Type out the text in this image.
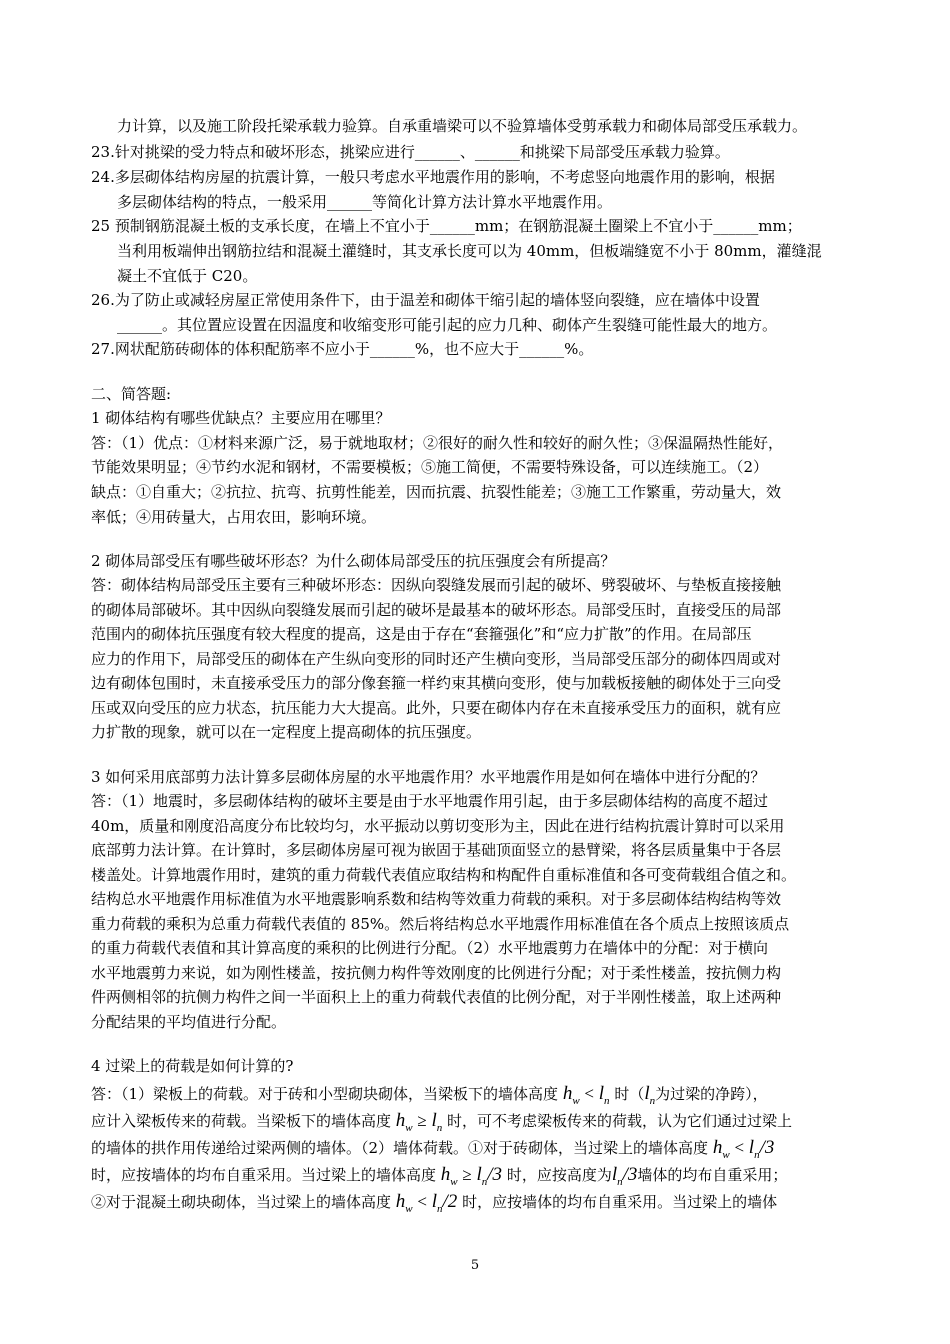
力计算，以及施工阶段托梁承载力验算。自承重墙梁可以不验算墙体受剪承载力和砌体局部受压承载力。
23.针对挑梁的受力特点和破坏形态，挑梁应进行______、______和挑梁下局部受压承载力验算。
24.多层砌体结构房屋的抗震计算，一般只考虑水平地震作用的影响，不考虑竖向地震作用的影响，根据
多层砌体结构的特点，一般采用______等简化计算方法计算水平地震作用。
25 预制钢筋混凝土板的支承长度，在墙上不宜小于______mm；在钢筋混凝土圈梁上不宜小于______mm；
当利用板端伸出钢筋拉结和混凝土灌缝时，其支承长度可以为 40mm，但板端缝宽不小于 80mm，灌缝混
凝土不宜低于 C20。
26.为了防止或减轻房屋正常使用条件下，由于温差和砌体干缩引起的墙体竖向裂缝，应在墙体中设置
______。其位置应设置在因温度和收缩变形可能引起的应力几种、砌体产生裂缝可能性最大的地方。
27.网状配筋砖砌体的体积配筋率不应小于______%，也不应大于______%。
二、简答题:
1 砌体结构有哪些优缺点？主要应用在哪里？
答：（1）优点：①材料来源广泛，易于就地取材；②很好的耐久性和较好的耐久性；③保温隔热性能好，
节能效果明显；④节约水泥和钢材，不需要模板；⑤施工简便，不需要特殊设备，可以连续施工。（2）
缺点：①自重大；②抗拉、抗弯、抗剪性能差，因而抗震、抗裂性能差；③施工工作繁重，劳动量大，效
率低；④用砖量大，占用农田，影响环境。
2 砌体局部受压有哪些破坏形态？为什么砌体局部受压的抗压强度会有所提高？
答：砌体结构局部受压主要有三种破坏形态：因纵向裂缝发展而引起的破坏、劈裂破坏、与垫板直接接触
的砌体局部破坏。其中因纵向裂缝发展而引起的破坏是最基本的破坏形态。局部受压时，直接受压的局部
范围内的砌体抗压强度有较大程度的提高，这是由于存在“套箍强化”和“应力扩散”的作用。在局部压
应力的作用下，局部受压的砌体在产生纵向变形的同时还产生横向变形，当局部受压部分的砌体四周或对
边有砌体包围时，未直接承受压力的部分像套箍一样约束其横向变形，使与加载板接触的砌体处于三向受
压或双向受压的应力状态，抗压能力大大提高。此外，只要在砌体内存在未直接承受压力的面积，就有应
力扩散的现象，就可以在一定程度上提高砌体的抗压强度。
3 如何采用底部剪力法计算多层砌体房屋的水平地震作用？水平地震作用是如何在墙体中进行分配的？
答：（1）地震时，多层砌体结构的破坏主要是由于水平地震作用引起，由于多层砌体结构的高度不超过
40m，质量和刚度沿高度分布比较均匀，水平振动以剪切变形为主，因此在进行结构抗震计算时可以采用
底部剪力法计算。在计算时，多层砌体房屋可视为嵌固于基础顶面竖立的悬臂梁，将各层质量集中于各层
楼盖处。计算地震作用时，建筑的重力荷载代表值应取结构和构配件自重标准值和各可变荷载组合值之和。
结构总水平地震作用标准值为水平地震影响系数和结构等效重力荷载的乘积。对于多层砌体结构结构等效
重力荷载的乘积为总重力荷载代表值的 85%。然后将结构总水平地震作用标准值在各个质点上按照该质点
的重力荷载代表值和其计算高度的乘积的比例进行分配。（2）水平地震剪力在墙体中的分配：对于横向
水平地震剪力来说，如为刚性楼盖，按抗侧力构件等效刚度的比例进行分配；对于柔性楼盖，按抗侧力构
件两侧相邻的抗侧力构件之间一半面积上上的重力荷载代表值的比例分配，对于半刚性楼盖，取上述两种
分配结果的平均值进行分配。
4 过梁上的荷载是如何计算的?
答：（1）梁板上的荷载。对于砖和小型砌块砌体，当梁板下的墙体高度 $h_w < l_n$ 时（$l_n$为过梁的净跨），
应计入梁板传来的荷载。当梁板下的墙体高度 $h_w \ge l_n$ 时，可不考虑梁板传来的荷载，认为它们通过过梁上
的墙体的拱作用传递给过梁两侧的墙体。（2）墙体荷载。①对于砖砌体，当过梁上的墙体高度 $h_w < l_n/3$
时，应按墙体的均布自重采用。当过梁上的墙体高度 $h_w \ge l_n/3$ 时，应按高度为$l_n/3$墙体的均布自重采用；
②对于混凝土砌块砌体，当过梁上的墙体高度 $h_w < l_n/2$ 时，应按墙体的均布自重采用。当过梁上的墙体
5
